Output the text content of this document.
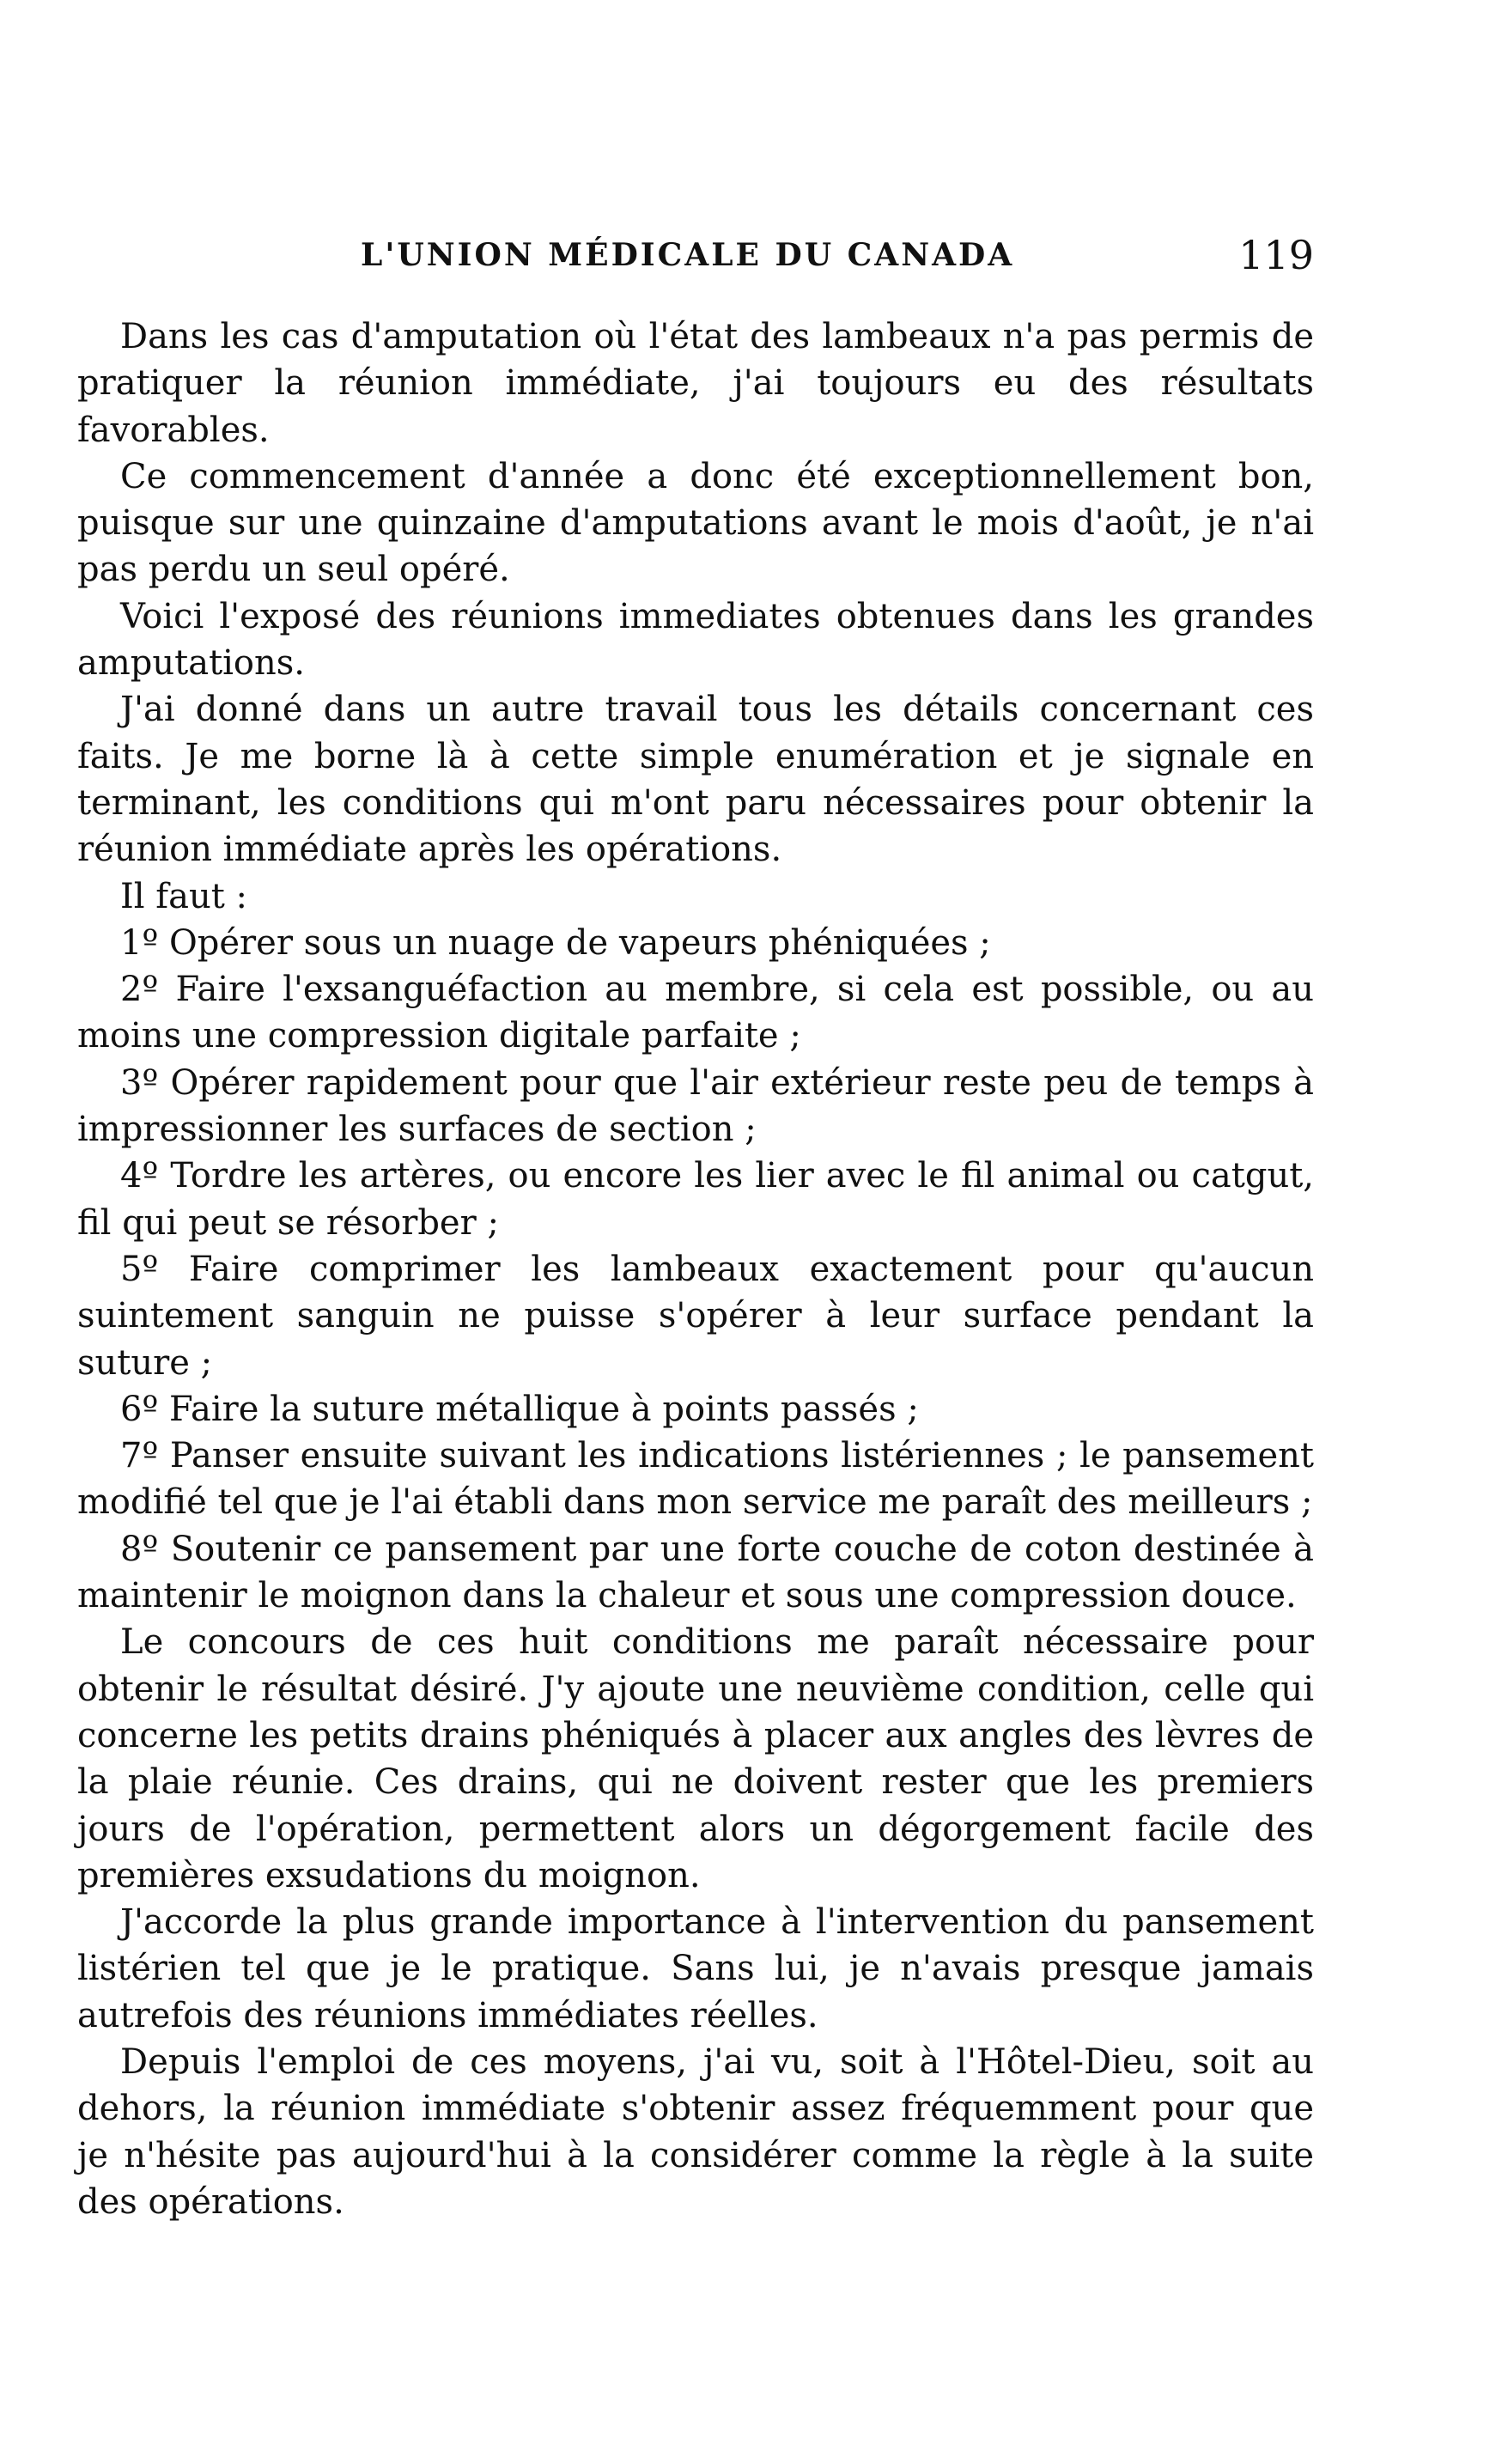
L'UNION MÉDICALE DU CANADA	119

Dans les cas d'amputation où l'état des lambeaux n'a pas permis de pratiquer la réunion immédiate, j'ai toujours eu des résultats favorables.

Ce commencement d'année a donc été exceptionnellement bon, puisque sur une quinzaine d'amputations avant le mois d'août, je n'ai pas perdu un seul opéré.

Voici l'exposé des réunions immediates obtenues dans les grandes amputations.

J'ai donné dans un autre travail tous les détails concernant ces faits. Je me borne là à cette simple enumération et je signale en terminant, les conditions qui m'ont paru nécessaires pour obtenir la réunion immédiate après les opérations.

Il faut :

1º Opérer sous un nuage de vapeurs phéniquées ;

2º Faire l'exsanguéfaction au membre, si cela est possible, ou au moins une compression digitale parfaite ;

3º Opérer rapidement pour que l'air extérieur reste peu de temps à impressionner les surfaces de section ;

4º Tordre les artères, ou encore les lier avec le fil animal ou catgut, fil qui peut se résorber ;

5º Faire comprimer les lambeaux exactement pour qu'aucun suintement sanguin ne puisse s'opérer à leur surface pendant la suture ;

6º Faire la suture métallique à points passés ;

7º Panser ensuite suivant les indications listériennes ; le pansement modifié tel que je l'ai établi dans mon service me paraît des meilleurs ;

8º Soutenir ce pansement par une forte couche de coton destinée à maintenir le moignon dans la chaleur et sous une compression douce.

Le concours de ces huit conditions me paraît nécessaire pour obtenir le résultat désiré. J'y ajoute une neuvième condition, celle qui concerne les petits drains phéniqués à placer aux angles des lèvres de la plaie réunie. Ces drains, qui ne doivent rester que les premiers jours de l'opération, permettent alors un dégorgement facile des premières exsudations du moignon.

J'accorde la plus grande importance à l'intervention du pansement listérien tel que je le pratique. Sans lui, je n'avais presque jamais autrefois des réunions immédiates réelles.

Depuis l'emploi de ces moyens, j'ai vu, soit à l'Hôtel-Dieu, soit au dehors, la réunion immédiate s'obtenir assez fréquemment pour que je n'hésite pas aujourd'hui à la considérer comme la règle à la suite des opérations.
